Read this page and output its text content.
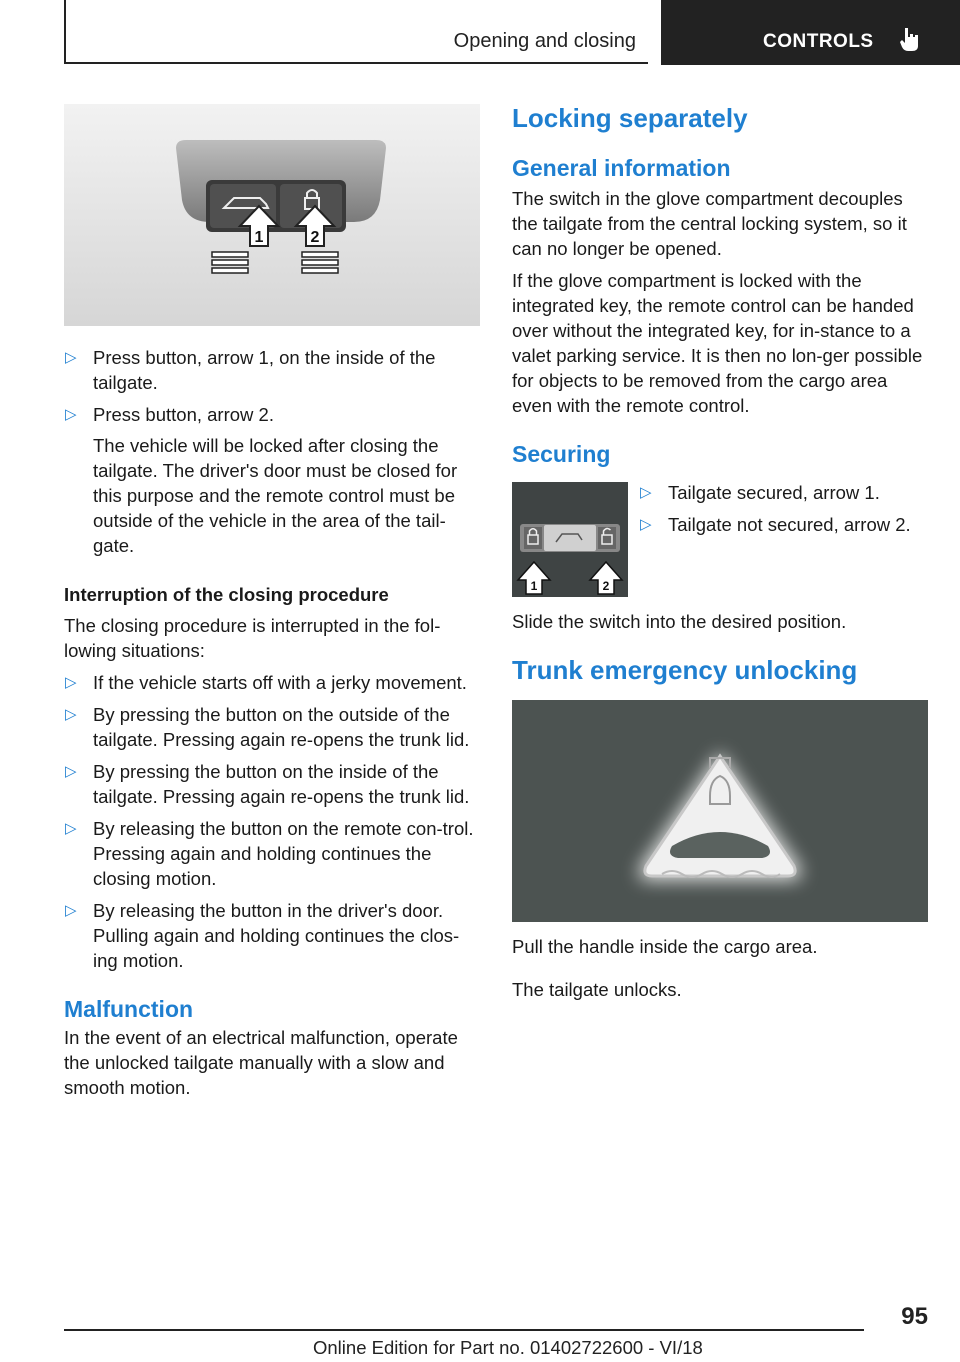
Opening and closing	CONTROLS
1	2
▷ Press button, arrow 1, on the inside of the tailgate.
▷ Press button, arrow 2.
The vehicle will be locked after closing the tailgate. The driver's door must be closed for this purpose and the remote control must be outside of the vehicle in the area of the tail‐gate.
Interruption of the closing procedure

The closing procedure is interrupted in the fol‐lowing situations:

▷ If the vehicle starts off with a jerky movement.
▷ By pressing the button on the outside of the tailgate. Pressing again re-opens the trunk lid.
▷ By pressing the button on the inside of the tailgate. Pressing again re-opens the trunk lid.
▷ By releasing the button on the remote con‐trol. Pressing again and holding continues the closing motion.
▷ By releasing the button in the driver's door. Pulling again and holding continues the clos‐ing motion.
Malfunction

In the event of an electrical malfunction, operate the unlocked tailgate manually with a slow and smooth motion.

Locking separately
General information

The switch in the glove compartment decouples the tailgate from the central locking system, so it can no longer be opened.

If the glove compartment is locked with the integrated key, the remote control can be handed over without the integrated key, for in‐stance to a valet parking service. It is then no lon‐ger possible for objects to be removed from the cargo area even with the remote control.

Securing
1	2
▷ Tailgate secured, arrow 1.
▷ Tailgate not secured, arrow 2.

Slide the switch into the desired position.

Trunk emergency unlocking

Pull the handle inside the cargo area.

The tailgate unlocks.

95
Online Edition for Part no. 01402722600 - VI/18
